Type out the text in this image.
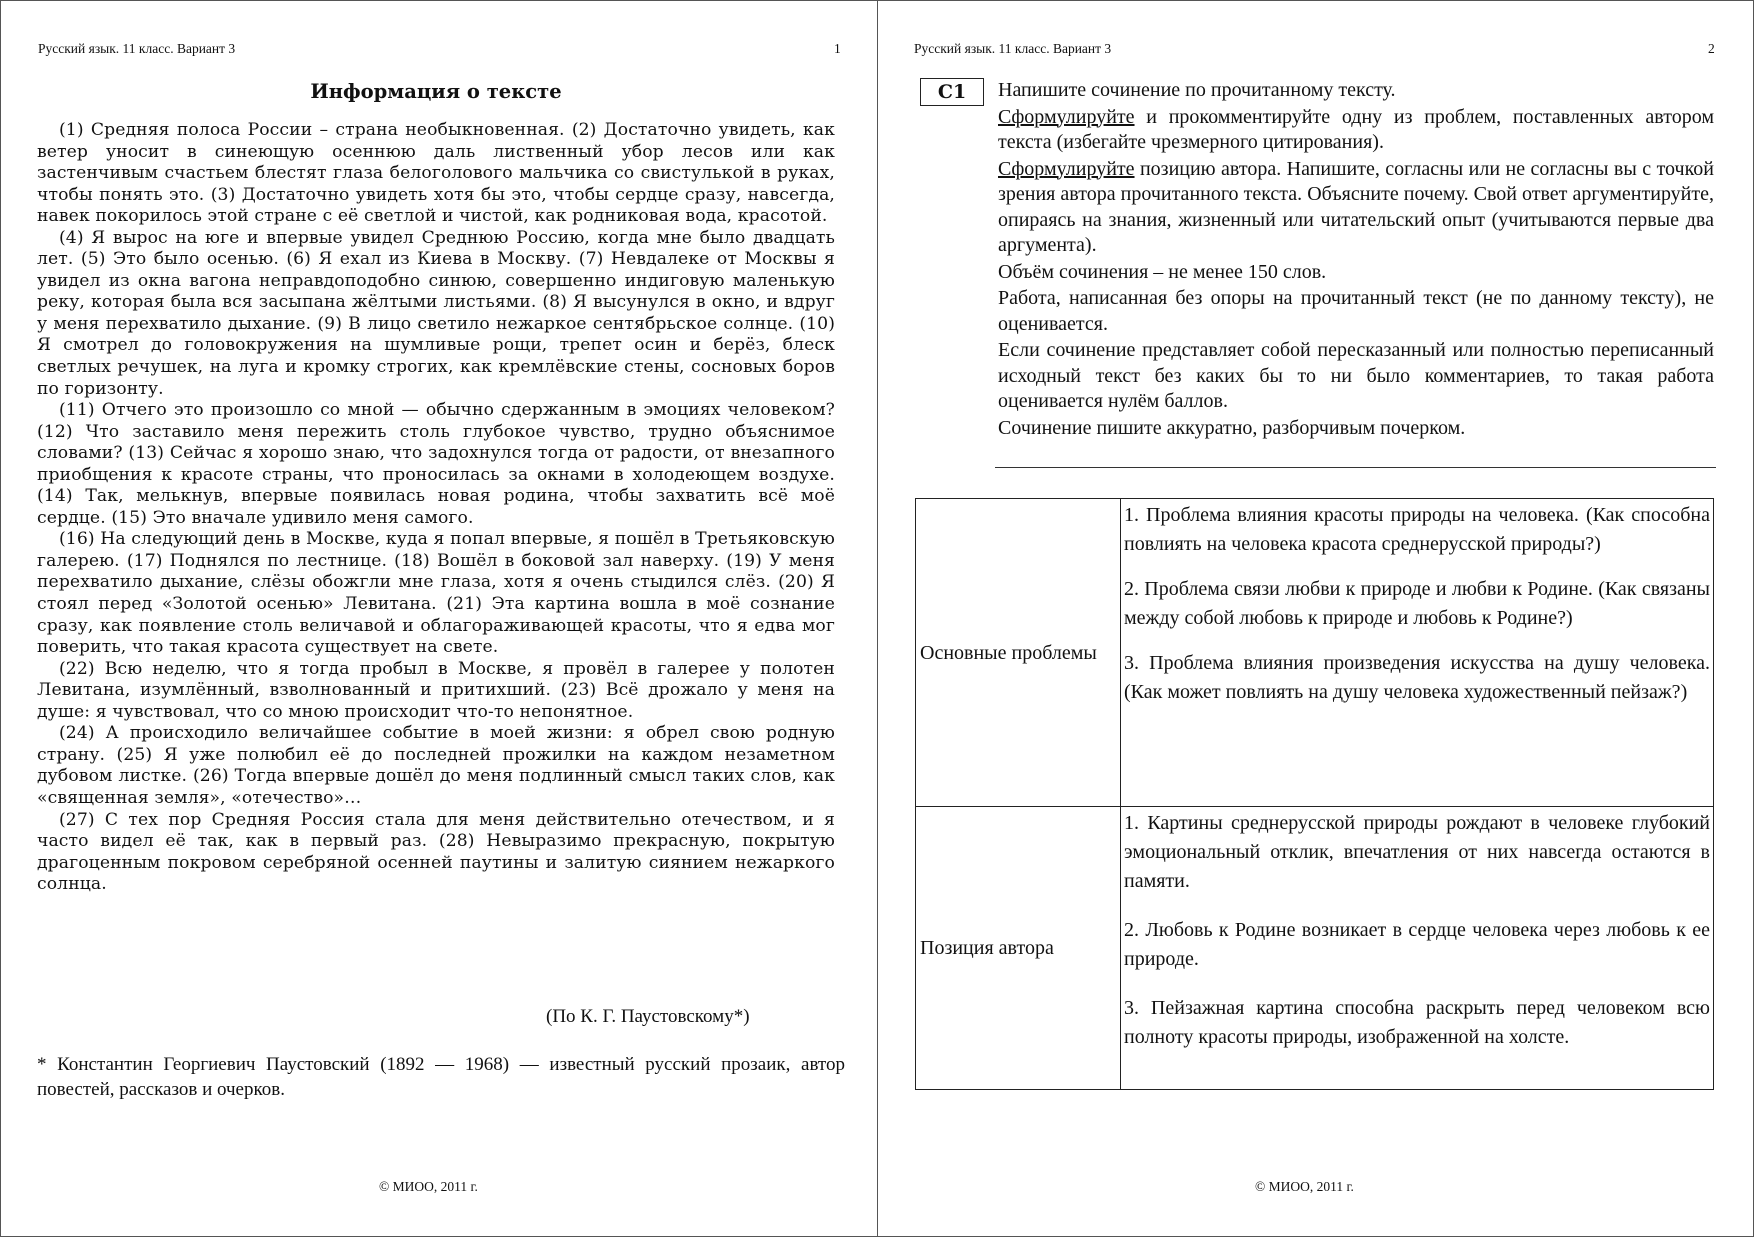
Русский язык. 11 класс. Вариант 3	1
Информация о тексте

(1) Средняя полоса России – страна необыкновенная. (2) Достаточно увидеть, как ветер уносит в синеющую осеннюю даль лиственный убор лесов или как застенчивым счастьем блестят глаза белоголового мальчика со свистулькой в руках, чтобы понять это. (3) Достаточно увидеть хотя бы это, чтобы сердце сразу, навсегда, навек покорилось этой стране с её светлой и чистой, как родниковая вода, красотой.

(4) Я вырос на юге и впервые увидел Среднюю Россию, когда мне было двадцать лет. (5) Это было осенью. (6) Я ехал из Киева в Москву. (7) Невдалеке от Москвы я увидел из окна вагона неправдоподобно синюю, совершенно индиговую маленькую реку, которая была вся засыпана жёлтыми листьями. (8) Я высунулся в окно, и вдруг у меня перехватило дыхание. (9) В лицо светило нежаркое сентябрьское солнце. (10) Я смотрел до головокружения на шумливые рощи, трепет осин и берёз, блеск светлых речушек, на луга и кромку строгих, как кремлёвские стены, сосновых боров по горизонту.

(11) Отчего это произошло со мной — обычно сдержанным в эмоциях человеком? (12) Что заставило меня пережить столь глубокое чувство, трудно объяснимое словами? (13) Сейчас я хорошо знаю, что задохнулся тогда от радости, от внезапного приобщения к красоте страны, что проносилась за окнами в холодеющем воздухе. (14) Так, мелькнув, впервые появилась новая родина, чтобы захватить всё моё сердце. (15) Это вначале удивило меня самого.

(16) На следующий день в Москве, куда я попал впервые, я пошёл в Третьяковскую галерею. (17) Поднялся по лестнице. (18) Вошёл в боковой зал наверху. (19) У меня перехватило дыхание, слёзы обожгли мне глаза, хотя я очень стыдился слёз. (20) Я стоял перед «Золотой осенью» Левитана. (21) Эта картина вошла в моё сознание сразу, как появление столь величавой и облагораживающей красоты, что я едва мог поверить, что такая красота существует на свете.

(22) Всю неделю, что я тогда пробыл в Москве, я провёл в галерее у полотен Левитана, изумлённый, взволнованный и притихший. (23) Всё дрожало у меня на душе: я чувствовал, что со мною происходит что-то непонятное.

(24) А происходило величайшее событие в моей жизни: я обрел свою родную страну. (25) Я уже полюбил её до последней прожилки на каждом незаметном дубовом листке. (26) Тогда впервые дошёл до меня подлинный смысл таких слов, как «священная земля», «отечество»…

(27) С тех пор Средняя Россия стала для меня действительно отечеством, и я часто видел её так, как в первый раз. (28) Невыразимо прекрасную, покрытую драгоценным покровом серебряной осенней паутины и залитую сиянием нежаркого солнца.

(По К. Г. Паустовскому*)
* Константин Георгиевич Паустовский (1892 — 1968) — известный русский прозаик, автор повестей, рассказов и очерков.
© МИОО, 2011 г.
Русский язык. 11 класс. Вариант 3	2
© МИОО, 2011 г.
С1	Напишите сочинение по прочитанному тексту.

Сформулируйте и прокомментируйте одну из проблем, поставленных автором текста (избегайте чрезмерного цитирования).

Сформулируйте позицию автора. Напишите, согласны или не согласны вы с точкой зрения автора прочитанного текста. Объясните почему. Свой ответ аргументируйте, опираясь на знания, жизненный или читательский опыт (учитываются первые два аргумента).

Объём сочинения – не менее 150 слов.

Работа, написанная без опоры на прочитанный текст (не по данному тексту), не оценивается.

Если сочинение представляет собой пересказанный или полностью переписанный исходный текст без каких бы то ни было комментариев, то такая работа оценивается нулём баллов.

Сочинение пишите аккуратно, разборчивым почерком.

Основные проблемы	1. Проблема влияния красоты природы на человека. (Как способна повлиять на человека красота среднерусской природы?)

2. Проблема связи любви к природе и любви к Родине. (Как связаны между собой любовь к природе и любовь к Родине?)

3. Проблема влияния произведения искусства на душу человека. (Как может повлиять на душу человека художественный пейзаж?)

Позиция автора	1. Картины среднерусской природы рождают в человеке глубокий эмоциональный отклик, впечатления от них навсегда остаются в памяти.

2. Любовь к Родине возникает в сердце человека через любовь к ее природе.

3. Пейзажная картина способна раскрыть перед человеком всю полноту красоты природы, изображенной на холсте.
